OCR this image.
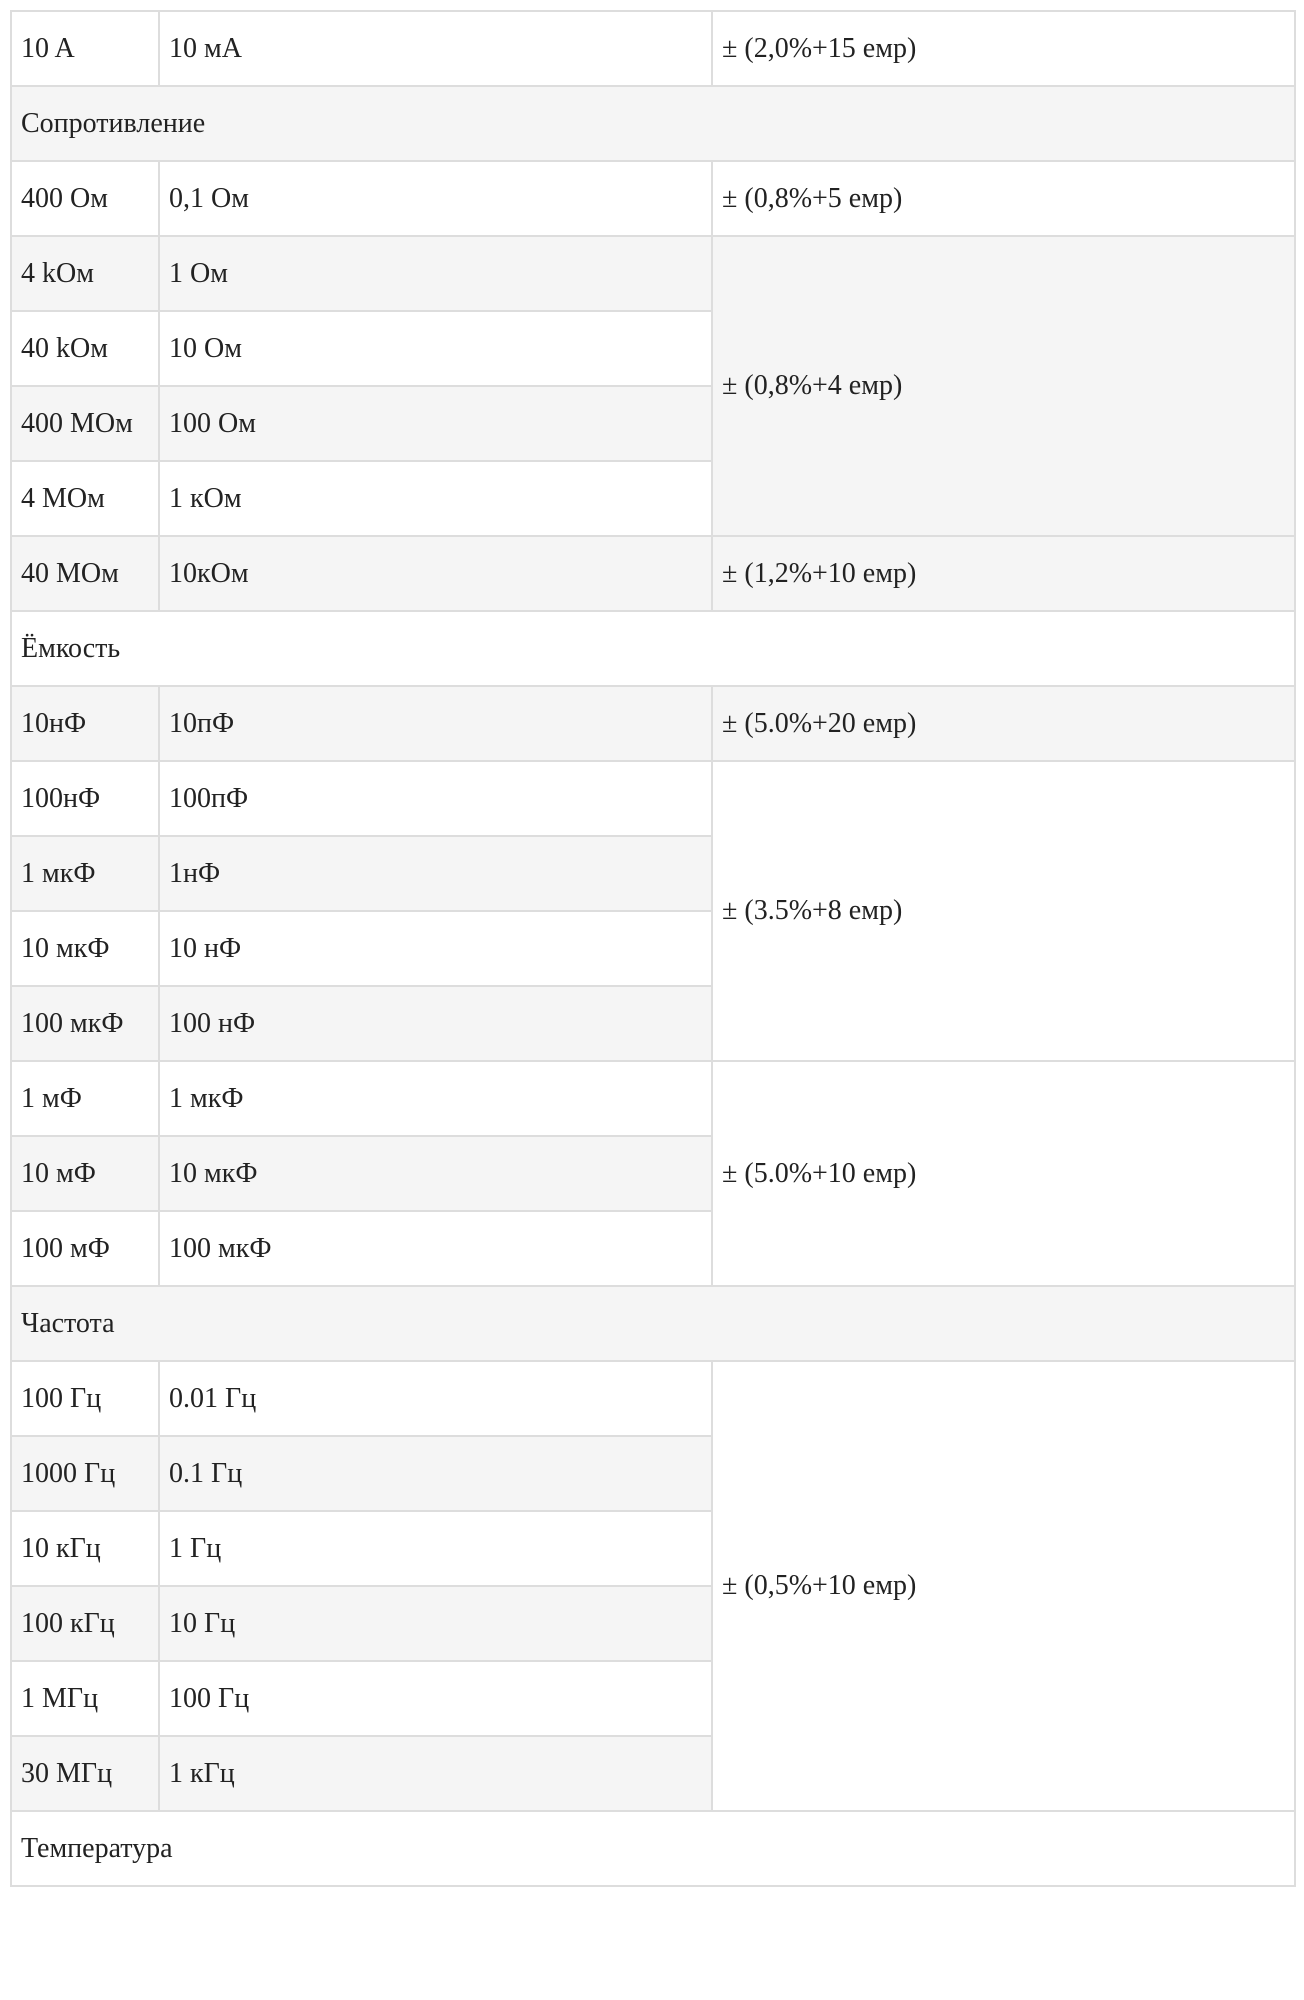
10 A	10 мА	± (2,0%+15 емр)
Сопротивление		
400 Ом	0,1 Ом	± (0,8%+5 емр)
4 kОм	1 Ом	± (0,8%+4 емр)
40 kОм	10 Ом	
400 МОм	100 Ом	
4 МОм	1 кОм	
40 МОм	10кОм	± (1,2%+10 емр)
Ёмкость		
10нФ	10пФ	± (5.0%+20 емр)
100нФ	100пФ	± (3.5%+8 емр)
1 мкФ	1нФ	
10 мкФ	10 нФ	
100 мкФ	100 нФ	
1 мФ	1 мкФ	± (5.0%+10 емр)
10 мФ	10 мкФ	
100 мФ	100 мкФ	
Частота		
100 Гц	0.01 Гц	± (0,5%+10 емр)
1000 Гц	0.1 Гц	
10 кГц	1 Гц	
100 кГц	10 Гц	
1 МГц	100 Гц	
30 МГц	1 кГц	
Температура		
